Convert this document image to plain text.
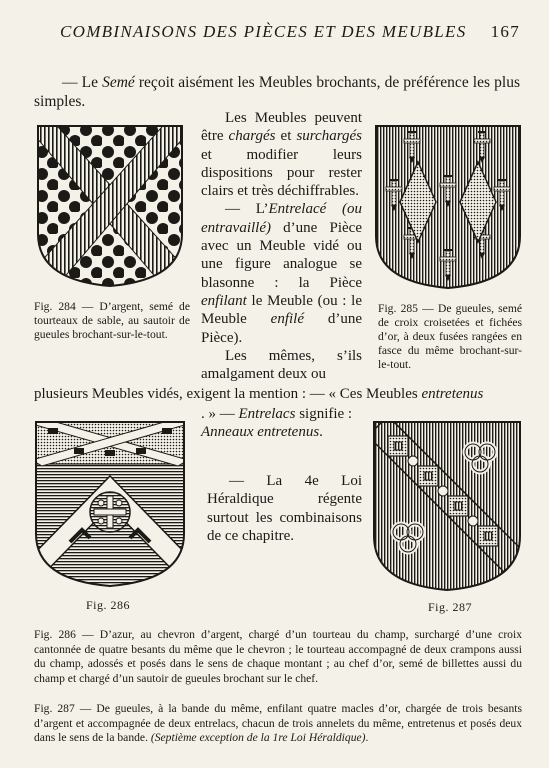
COMBINAISONS DES PIÈCES ET DES MEUBLES 167
— Le Semé reçoit aisément les Meubles brochants, de préférence les plus simples.
Fig. 284 — D’argent, semé de tourteaux de sable, au sautoir de gueules brochant-sur-le-tout.
Fig. 285 — De gueules, semé de croix croisetées et fichées d’or, à deux fusées rangées en fasce du même brochant-sur-le-tout.
Les Meubles peuvent être chargés et surchargés et modifier leurs dispositions pour rester clairs et très déchiffrables.
— L’Entrelacé (ou entravaillé) d’une Pièce avec un Meuble vidé ou une figure analogue se blasonne : la Pièce enfilant le Meuble (ou : le Meuble enfilé d’une Pièce).
Les mêmes, s’ils amalgament deux ou
plusieurs Meubles vidés, exigent la mention : — « Ces Meubles entretenus
. » — Entrelacs signifie : Anneaux entretenus.
— La 4e Loi Héraldique régente surtout les combinaisons de ce chapitre.
Fig. 286	Fig. 287
Fig. 286 — D’azur, au chevron d’argent, chargé d’un tourteau du champ, surchargé d’une croix cantonnée de quatre besants du même que le chevron ; le tourteau accompagné de deux crampons aussi du champ, adossés et posés dans le sens de chaque montant ; au chef d’or, semé de billettes aussi du champ et chargé d’un sautoir de gueules brochant sur le chef.
Fig. 287 — De gueules, à la bande du même, enfilant quatre macles d’or, chargée de trois besants d’argent et accompagnée de deux entrelacs, chacun de trois annelets du même, entretenus et posés deux dans le sens de la bande. (Septième exception de la 1re Loi Héraldique).
